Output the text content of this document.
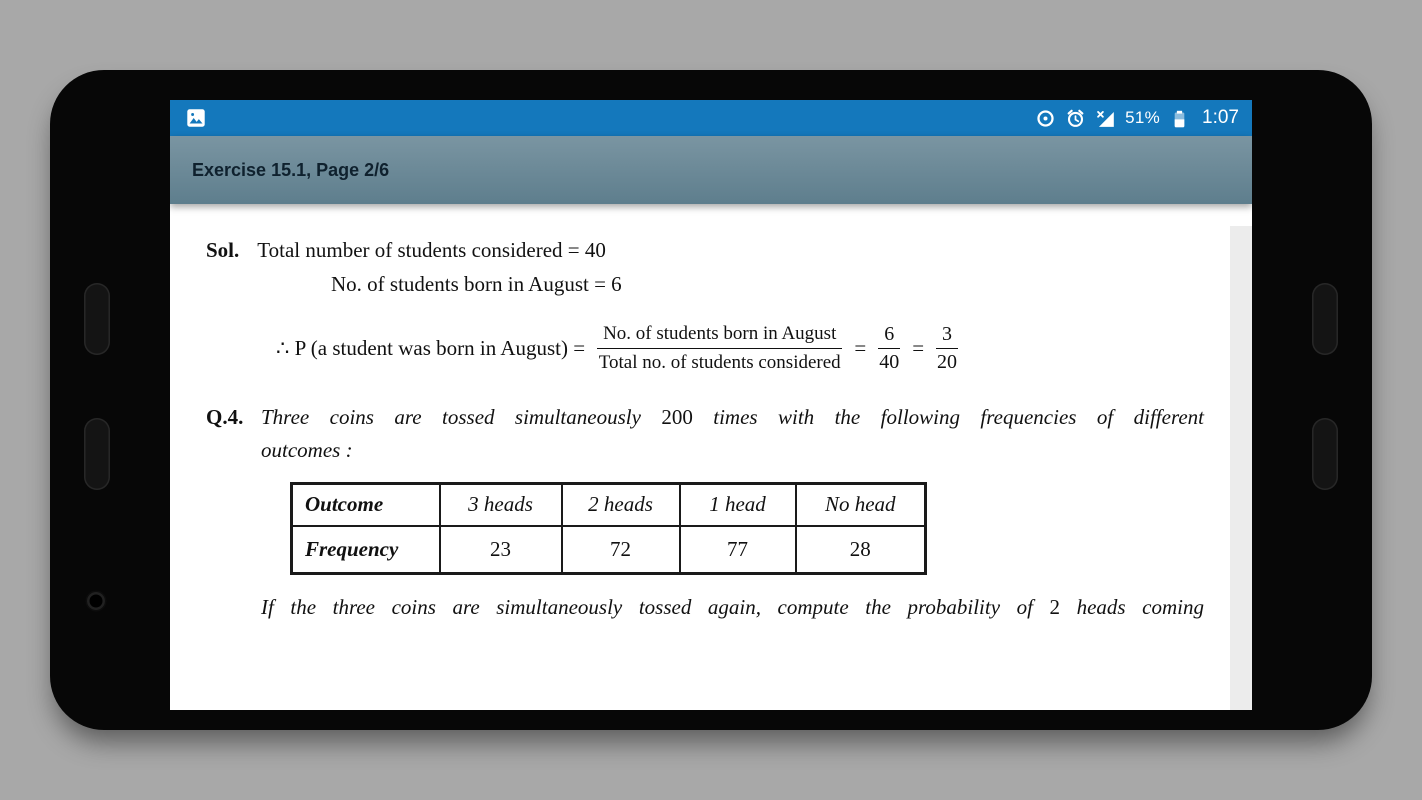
51% 1:07
Exercise 15.1, Page 2/6
Sol. Total number of students considered = 40
No. of students born in August = 6
∴ P (a student was born in August) = $\frac{\text{No. of students born in August}}{\text{Total no. of students considered}} = \frac{6}{40} = \frac{3}{20}$
Q.4. Three coins are tossed simultaneously 200 times with the following frequencies of different
outcomes :
Outcome	3 heads	2 heads	1 head	No head
Frequency	23	72	77	28
If the three coins are simultaneously tossed again, compute the probability of 2 heads coming
